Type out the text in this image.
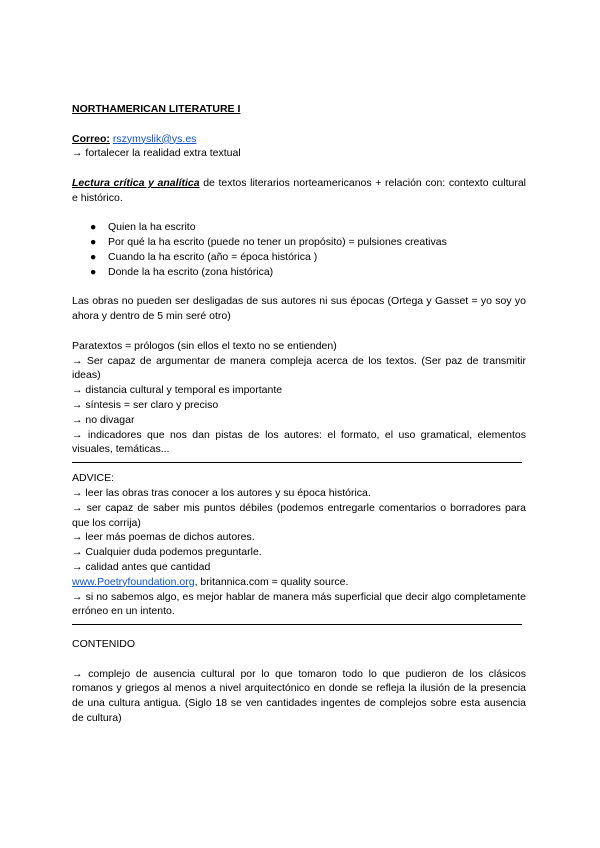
NORTHAMERICAN LITERATURE I

Correo: rszymyslik@ys.es

→ fortalecer la realidad extra textual

Lectura crítica y analítica de textos literarios norteamericanos + relación con: contexto cultural e histórico.

● Quien la ha escrito
● Por qué la ha escrito (puede no tener un propósito) = pulsiones creativas
● Cuando la ha escrito (año = época histórica )
● Donde la ha escrito (zona histórica)

Las obras no pueden ser desligadas de sus autores ni sus épocas (Ortega y Gasset = yo soy yo ahora y dentro de 5 min seré otro)

Paratextos = prólogos (sin ellos el texto no se entienden)

→ Ser capaz de argumentar de manera compleja acerca de los textos. (Ser paz de transmitir ideas)

→ distancia cultural y temporal es importante

→ síntesis = ser claro y preciso

→ no divagar

→ indicadores que nos dan pistas de los autores: el formato, el uso gramatical, elementos visuales, temáticas...

ADVICE:

→ leer las obras tras conocer a los autores y su época histórica.

→ ser capaz de saber mis puntos débiles (podemos entregarle comentarios o borradores para que los corrija)

→ leer más poemas de dichos autores.

→ Cualquier duda podemos preguntarle.

→ calidad antes que cantidad

www.Poetryfoundation.org, britannica.com = quality source.

→ si no sabemos algo, es mejor hablar de manera más superficial que decir algo completamente erróneo en un intento.

CONTENIDO

→ complejo de ausencia cultural por lo que tomaron todo lo que pudieron de los clásicos romanos y griegos al menos a nivel arquitectónico en donde se refleja la ilusión de la presencia de una cultura antigua. (Siglo 18 se ven cantidades ingentes de complejos sobre esta ausencia de cultura)
